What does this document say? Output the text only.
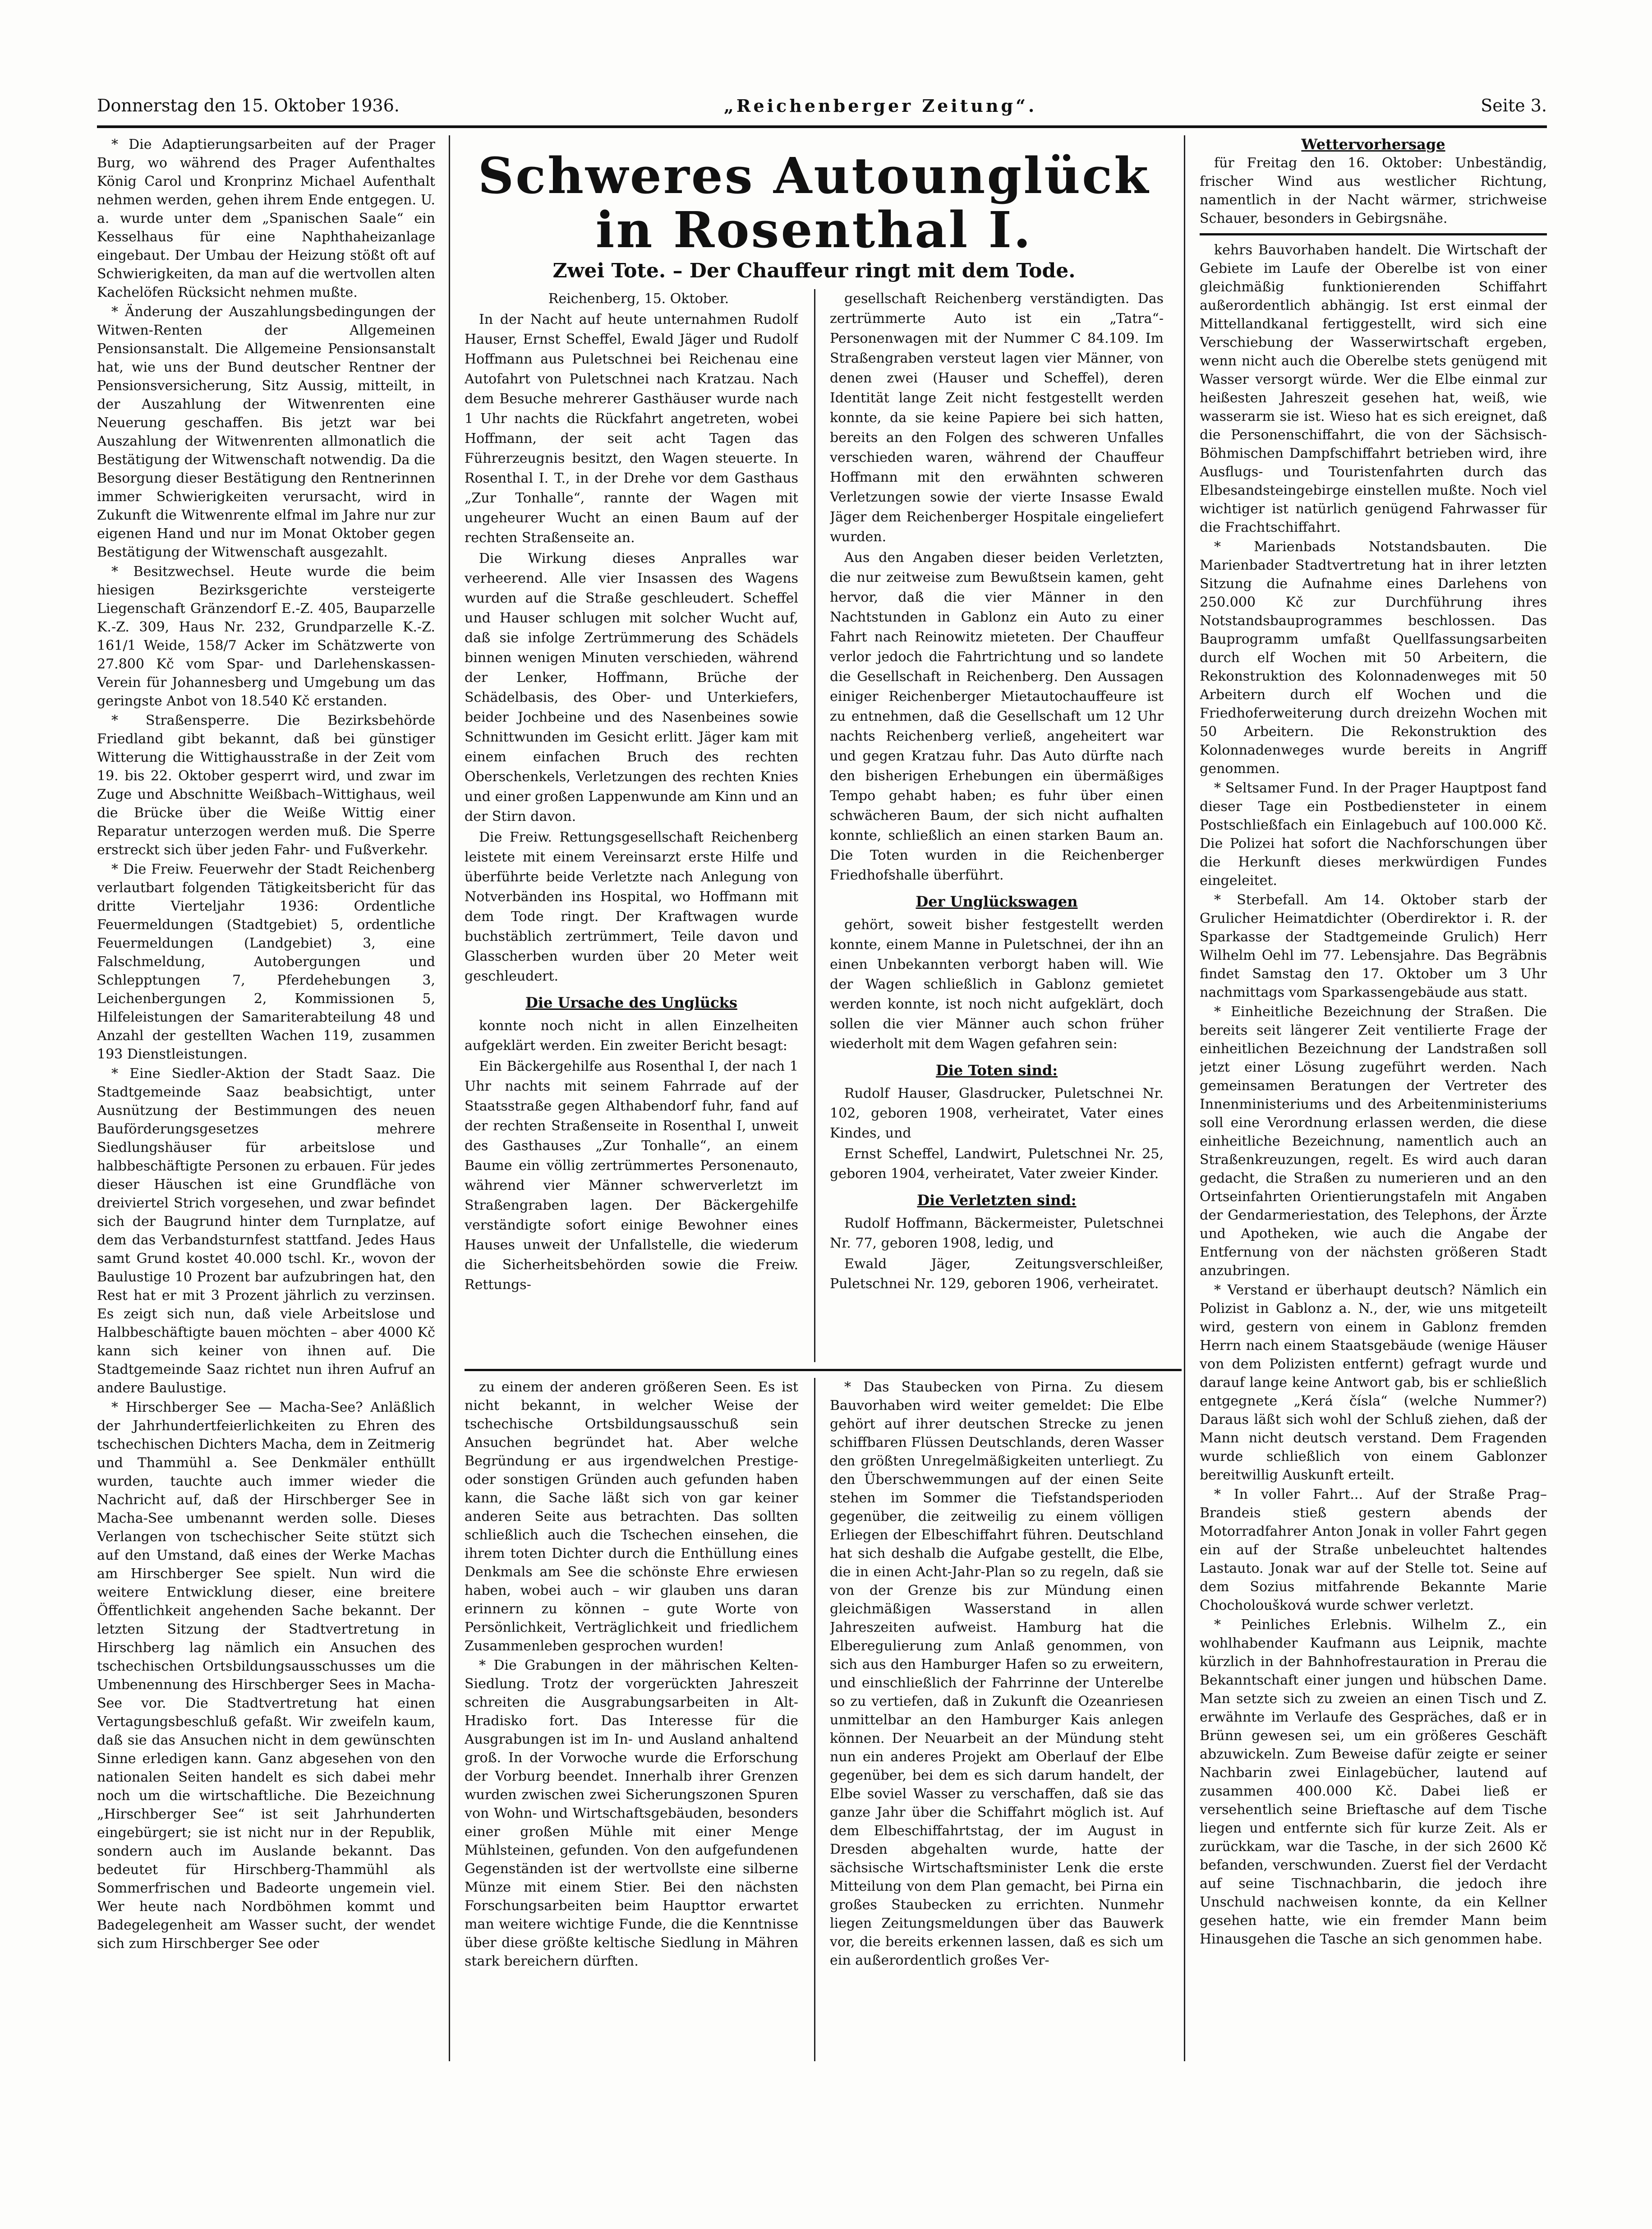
Donnerstag den 15. Oktober 1936.	„Reichenberger Zeitung“.	Seite 3.

* Die Adaptierungsarbeiten auf der Prager Burg, wo während des Prager Aufenthaltes König Carol und Kronprinz Michael Aufenthalt nehmen werden, gehen ihrem Ende entgegen. U. a. wurde unter dem „Spanischen Saale“ ein Kesselhaus für eine Naphthaheizanlage eingebaut. Der Umbau der Heizung stößt oft auf Schwierigkeiten, da man auf die wertvollen alten Kachelöfen Rücksicht nehmen mußte.

* Änderung der Auszahlungsbedingungen der Witwen-Renten der Allgemeinen Pensionsanstalt. Die Allgemeine Pensionsanstalt hat, wie uns der Bund deutscher Rentner der Pensionsversicherung, Sitz Aussig, mitteilt, in der Auszahlung der Witwenrenten eine Neuerung geschaffen. Bis jetzt war bei Auszahlung der Witwenrenten allmonatlich die Bestätigung der Witwenschaft notwendig. Da die Besorgung dieser Bestätigung den Rentnerinnen immer Schwierigkeiten verursacht, wird in Zukunft die Witwenrente elfmal im Jahre nur zur eigenen Hand und nur im Monat Oktober gegen Bestätigung der Witwenschaft ausgezahlt.

* Besitzwechsel. Heute wurde die beim hiesigen Bezirksgerichte versteigerte Liegenschaft Gränzendorf E.-Z. 405, Bauparzelle K.-Z. 309, Haus Nr. 232, Grundparzelle K.-Z. 161/1 Weide, 158/7 Acker im Schätzwerte von 27.800 Kč vom Spar- und Darlehenskassen-Verein für Johannesberg und Umgebung um das geringste Anbot von 18.540 Kč erstanden.

* Straßensperre. Die Bezirksbehörde Friedland gibt bekannt, daß bei günstiger Witterung die Wittighausstraße in der Zeit vom 19. bis 22. Oktober gesperrt wird, und zwar im Zuge und Abschnitte Weißbach–Wittighaus, weil die Brücke über die Weiße Wittig einer Reparatur unterzogen werden muß. Die Sperre erstreckt sich über jeden Fahr- und Fußverkehr.

* Die Freiw. Feuerwehr der Stadt Reichenberg verlautbart folgenden Tätigkeitsbericht für das dritte Vierteljahr 1936: Ordentliche Feuermeldungen (Stadtgebiet) 5, ordentliche Feuermeldungen (Landgebiet) 3, eine Falschmeldung, Autobergungen und Schlepptungen 7, Pferdehebungen 3, Leichenbergungen 2, Kommissionen 5, Hilfeleistungen der Samariterabteilung 48 und Anzahl der gestellten Wachen 119, zusammen 193 Dienstleistungen.

* Eine Siedler-Aktion der Stadt Saaz. Die Stadtgemeinde Saaz beabsichtigt, unter Ausnützung der Bestimmungen des neuen Bauförderungsgesetzes mehrere Siedlungshäuser für arbeitslose und halbbeschäftigte Personen zu erbauen. Für jedes dieser Häuschen ist eine Grundfläche von dreiviertel Strich vorgesehen, und zwar befindet sich der Baugrund hinter dem Turnplatze, auf dem das Verbandsturnfest stattfand. Jedes Haus samt Grund kostet 40.000 tschl. Kr., wovon der Baulustige 10 Prozent bar aufzubringen hat, den Rest hat er mit 3 Prozent jährlich zu verzinsen. Es zeigt sich nun, daß viele Arbeitslose und Halbbeschäftigte bauen möchten – aber 4000 Kč kann sich keiner von ihnen auf. Die Stadtgemeinde Saaz richtet nun ihren Aufruf an andere Baulustige.

* Hirschberger See — Macha-See? Anläßlich der Jahrhundertfeierlichkeiten zu Ehren des tschechischen Dichters Macha, dem in Zeitmerig und Thammühl a. See Denkmäler enthüllt wurden, tauchte auch immer wieder die Nachricht auf, daß der Hirschberger See in Macha-See umbenannt werden solle. Dieses Verlangen von tschechischer Seite stützt sich auf den Umstand, daß eines der Werke Machas am Hirschberger See spielt. Nun wird die weitere Entwicklung dieser, eine breitere Öffentlichkeit angehenden Sache bekannt. Der letzten Sitzung der Stadtvertretung in Hirschberg lag nämlich ein Ansuchen des tschechischen Ortsbildungsausschusses um die Umbenennung des Hirschberger Sees in Macha-See vor. Die Stadtvertretung hat einen Vertagungsbeschluß gefaßt. Wir zweifeln kaum, daß sie das Ansuchen nicht in dem gewünschten Sinne erledigen kann. Ganz abgesehen von den nationalen Seiten handelt es sich dabei mehr noch um die wirtschaftliche. Die Bezeichnung „Hirschberger See“ ist seit Jahrhunderten eingebürgert; sie ist nicht nur in der Republik, sondern auch im Auslande bekannt. Das bedeutet für Hirschberg-Thammühl als Sommerfrischen und Badeorte ungemein viel. Wer heute nach Nordböhmen kommt und Badegelegenheit am Wasser sucht, der wendet sich zum Hirschberger See oder

Schweres Autounglück in Rosenthal I.
Zwei Tote. – Der Chauffeur ringt mit dem Tode.

Reichenberg, 15. Oktober.

In der Nacht auf heute unternahmen Rudolf Hauser, Ernst Scheffel, Ewald Jäger und Rudolf Hoffmann aus Puletschnei bei Reichenau eine Autofahrt von Puletschnei nach Kratzau. Nach dem Besuche mehrerer Gasthäuser wurde nach 1 Uhr nachts die Rückfahrt angetreten, wobei Hoffmann, der seit acht Tagen das Führerzeugnis besitzt, den Wagen steuerte. In Rosenthal I. T., in der Drehe vor dem Gasthaus „Zur Tonhalle“, rannte der Wagen mit ungeheurer Wucht an einen Baum auf der rechten Straßenseite an.

Die Wirkung dieses Anpralles war verheerend. Alle vier Insassen des Wagens wurden auf die Straße geschleudert. Scheffel und Hauser schlugen mit solcher Wucht auf, daß sie infolge Zertrümmerung des Schädels binnen wenigen Minuten verschieden, während der Lenker, Hoffmann, Brüche der Schädelbasis, des Ober- und Unterkiefers, beider Jochbeine und des Nasenbeines sowie Schnittwunden im Gesicht erlitt. Jäger kam mit einem einfachen Bruch des rechten Oberschenkels, Verletzungen des rechten Knies und einer großen Lappenwunde am Kinn und an der Stirn davon.

Die Freiw. Rettungsgesellschaft Reichenberg leistete mit einem Vereinsarzt erste Hilfe und überführte beide Verletzte nach Anlegung von Notverbänden ins Hospital, wo Hoffmann mit dem Tode ringt. Der Kraftwagen wurde buchstäblich zertrümmert, Teile davon und Glasscherben wurden über 20 Meter weit geschleudert.

Die Ursache des Unglücks

konnte noch nicht in allen Einzelheiten aufgeklärt werden. Ein zweiter Bericht besagt:

Ein Bäckergehilfe aus Rosenthal I, der nach 1 Uhr nachts mit seinem Fahrrade auf der Staatsstraße gegen Althabendorf fuhr, fand auf der rechten Straßenseite in Rosenthal I, unweit des Gasthauses „Zur Tonhalle“, an einem Baume ein völlig zertrümmertes Personenauto, während vier Männer schwerverletzt im Straßengraben lagen. Der Bäckergehilfe verständigte sofort einige Bewohner eines Hauses unweit der Unfallstelle, die wiederum die Sicherheitsbehörden sowie die Freiw. Rettungs-

gesellschaft Reichenberg verständigten. Das zertrümmerte Auto ist ein „Tatra“-Personenwagen mit der Nummer C 84.109. Im Straßengraben versteut lagen vier Männer, von denen zwei (Hauser und Scheffel), deren Identität lange Zeit nicht festgestellt werden konnte, da sie keine Papiere bei sich hatten, bereits an den Folgen des schweren Unfalles verschieden waren, während der Chauffeur Hoffmann mit den erwähnten schweren Verletzungen sowie der vierte Insasse Ewald Jäger dem Reichenberger Hospitale eingeliefert wurden.

Aus den Angaben dieser beiden Verletzten, die nur zeitweise zum Bewußtsein kamen, geht hervor, daß die vier Männer in den Nachtstunden in Gablonz ein Auto zu einer Fahrt nach Reinowitz mieteten. Der Chauffeur verlor jedoch die Fahrtrichtung und so landete die Gesellschaft in Reichenberg. Den Aussagen einiger Reichenberger Mietautochauffeure ist zu entnehmen, daß die Gesellschaft um 12 Uhr nachts Reichenberg verließ, angeheitert war und gegen Kratzau fuhr. Das Auto dürfte nach den bisherigen Erhebungen ein übermäßiges Tempo gehabt haben; es fuhr über einen schwächeren Baum, der sich nicht aufhalten konnte, schließlich an einen starken Baum an. Die Toten wurden in die Reichenberger Friedhofshalle überführt.

Der Unglückswagen

gehört, soweit bisher festgestellt werden konnte, einem Manne in Puletschnei, der ihn an einen Unbekannten verborgt haben will. Wie der Wagen schließlich in Gablonz gemietet werden konnte, ist noch nicht aufgeklärt, doch sollen die vier Männer auch schon früher wiederholt mit dem Wagen gefahren sein:

Die Toten sind:

Rudolf Hauser, Glasdrucker, Puletschnei Nr. 102, geboren 1908, verheiratet, Vater eines Kindes, und

Ernst Scheffel, Landwirt, Puletschnei Nr. 25, geboren 1904, verheiratet, Vater zweier Kinder.

Die Verletzten sind:

Rudolf Hoffmann, Bäckermeister, Puletschnei Nr. 77, geboren 1908, ledig, und

Ewald Jäger, Zeitungsverschleißer, Puletschnei Nr. 129, geboren 1906, verheiratet.

zu einem der anderen größeren Seen. Es ist nicht bekannt, in welcher Weise der tschechische Ortsbildungsausschuß sein Ansuchen begründet hat. Aber welche Begründung er aus irgendwelchen Prestige- oder sonstigen Gründen auch gefunden haben kann, die Sache läßt sich von gar keiner anderen Seite aus betrachten. Das sollten schließlich auch die Tschechen einsehen, die ihrem toten Dichter durch die Enthüllung eines Denkmals am See die schönste Ehre erwiesen haben, wobei auch – wir glauben uns daran erinnern zu können – gute Worte von Persönlichkeit, Verträglichkeit und friedlichem Zusammenleben gesprochen wurden!

* Die Grabungen in der mährischen Kelten-Siedlung. Trotz der vorgerückten Jahreszeit schreiten die Ausgrabungsarbeiten in Alt-Hradisko fort. Das Interesse für die Ausgrabungen ist im In- und Ausland anhaltend groß. In der Vorwoche wurde die Erforschung der Vorburg beendet. Innerhalb ihrer Grenzen wurden zwischen zwei Sicherungszonen Spuren von Wohn- und Wirtschaftsgebäuden, besonders einer großen Mühle mit einer Menge Mühlsteinen, gefunden. Von den aufgefundenen Gegenständen ist der wertvollste eine silberne Münze mit einem Stier. Bei den nächsten Forschungsarbeiten beim Haupttor erwartet man weitere wichtige Funde, die die Kenntnisse über diese größte keltische Siedlung in Mähren stark bereichern dürften.

* Das Staubecken von Pirna. Zu diesem Bauvorhaben wird weiter gemeldet: Die Elbe gehört auf ihrer deutschen Strecke zu jenen schiffbaren Flüssen Deutschlands, deren Wasser den größten Unregelmäßigkeiten unterliegt. Zu den Überschwemmungen auf der einen Seite stehen im Sommer die Tiefstandsperioden gegenüber, die zeitweilig zu einem völligen Erliegen der Elbeschiffahrt führen. Deutschland hat sich deshalb die Aufgabe gestellt, die Elbe, die in einen Acht-Jahr-Plan so zu regeln, daß sie von der Grenze bis zur Mündung einen gleichmäßigen Wasserstand in allen Jahreszeiten aufweist. Hamburg hat die Elberegulierung zum Anlaß genommen, von sich aus den Hamburger Hafen so zu erweitern, und einschließlich der Fahrrinne der Unterelbe so zu vertiefen, daß in Zukunft die Ozeanriesen unmittelbar an den Hamburger Kais anlegen können. Der Neuarbeit an der Mündung steht nun ein anderes Projekt am Oberlauf der Elbe gegenüber, bei dem es sich darum handelt, der Elbe soviel Wasser zu verschaffen, daß sie das ganze Jahr über die Schiffahrt möglich ist. Auf dem Elbeschiffahrtstag, der im August in Dresden abgehalten wurde, hatte der sächsische Wirtschaftsminister Lenk die erste Mitteilung von dem Plan gemacht, bei Pirna ein großes Staubecken zu errichten. Nunmehr liegen Zeitungsmeldungen über das Bauwerk vor, die bereits erkennen lassen, daß es sich um ein außerordentlich großes Ver-

Wettervorhersage

für Freitag den 16. Oktober: Unbeständig, frischer Wind aus westlicher Richtung, namentlich in der Nacht wärmer, strichweise Schauer, besonders in Gebirgsnähe.

kehrs Bauvorhaben handelt. Die Wirtschaft der Gebiete im Laufe der Oberelbe ist von einer gleichmäßig funktionierenden Schiffahrt außerordentlich abhängig. Ist erst einmal der Mittellandkanal fertiggestellt, wird sich eine Verschiebung der Wasserwirtschaft ergeben, wenn nicht auch die Oberelbe stets genügend mit Wasser versorgt würde. Wer die Elbe einmal zur heißesten Jahreszeit gesehen hat, weiß, wie wasserarm sie ist. Wieso hat es sich ereignet, daß die Personenschiffahrt, die von der Sächsisch-Böhmischen Dampfschiffahrt betrieben wird, ihre Ausflugs- und Touristenfahrten durch das Elbesandsteingebirge einstellen mußte. Noch viel wichtiger ist natürlich genügend Fahrwasser für die Frachtschiffahrt.

* Marienbads Notstandsbauten. Die Marienbader Stadtvertretung hat in ihrer letzten Sitzung die Aufnahme eines Darlehens von 250.000 Kč zur Durchführung ihres Notstandsbauprogrammes beschlossen. Das Bauprogramm umfaßt Quellfassungsarbeiten durch elf Wochen mit 50 Arbeitern, die Rekonstruktion des Kolonnadenweges mit 50 Arbeitern durch elf Wochen und die Friedhoferweiterung durch dreizehn Wochen mit 50 Arbeitern. Die Rekonstruktion des Kolonnadenweges wurde bereits in Angriff genommen.

* Seltsamer Fund. In der Prager Hauptpost fand dieser Tage ein Postbediensteter in einem Postschließfach ein Einlagebuch auf 100.000 Kč. Die Polizei hat sofort die Nachforschungen über die Herkunft dieses merkwürdigen Fundes eingeleitet.

* Sterbefall. Am 14. Oktober starb der Grulicher Heimatdichter (Oberdirektor i. R. der Sparkasse der Stadtgemeinde Grulich) Herr Wilhelm Oehl im 77. Lebensjahre. Das Begräbnis findet Samstag den 17. Oktober um 3 Uhr nachmittags vom Sparkassengebäude aus statt.

* Einheitliche Bezeichnung der Straßen. Die bereits seit längerer Zeit ventilierte Frage der einheitlichen Bezeichnung der Landstraßen soll jetzt einer Lösung zugeführt werden. Nach gemeinsamen Beratungen der Vertreter des Innenministeriums und des Arbeitenministeriums soll eine Verordnung erlassen werden, die diese einheitliche Bezeichnung, namentlich auch an Straßenkreuzungen, regelt. Es wird auch daran gedacht, die Straßen zu numerieren und an den Ortseinfahrten Orientierungstafeln mit Angaben der Gendarmeriestation, des Telephons, der Ärzte und Apotheken, wie auch die Angabe der Entfernung von der nächsten größeren Stadt anzubringen.

* Verstand er überhaupt deutsch? Nämlich ein Polizist in Gablonz a. N., der, wie uns mitgeteilt wird, gestern von einem in Gablonz fremden Herrn nach einem Staatsgebäude (wenige Häuser von dem Polizisten entfernt) gefragt wurde und darauf lange keine Antwort gab, bis er schließlich entgegnete „Kerá čísla“ (welche Nummer?) Daraus läßt sich wohl der Schluß ziehen, daß der Mann nicht deutsch verstand. Dem Fragenden wurde schließlich von einem Gablonzer bereitwillig Auskunft erteilt.

* In voller Fahrt... Auf der Straße Prag–Brandeis stieß gestern abends der Motorradfahrer Anton Jonak in voller Fahrt gegen ein auf der Straße unbeleuchtet haltendes Lastauto. Jonak war auf der Stelle tot. Seine auf dem Sozius mitfahrende Bekannte Marie Chocholoušková wurde schwer verletzt.

* Peinliches Erlebnis. Wilhelm Z., ein wohlhabender Kaufmann aus Leipnik, machte kürzlich in der Bahnhofrestauration in Prerau die Bekanntschaft einer jungen und hübschen Dame. Man setzte sich zu zweien an einen Tisch und Z. erwähnte im Verlaufe des Gespräches, daß er in Brünn gewesen sei, um ein größeres Geschäft abzuwickeln. Zum Beweise dafür zeigte er seiner Nachbarin zwei Einlagebücher, lautend auf zusammen 400.000 Kč. Dabei ließ er versehentlich seine Brieftasche auf dem Tische liegen und entfernte sich für kurze Zeit. Als er zurückkam, war die Tasche, in der sich 2600 Kč befanden, verschwunden. Zuerst fiel der Verdacht auf seine Tischnachbarin, die jedoch ihre Unschuld nachweisen konnte, da ein Kellner gesehen hatte, wie ein fremder Mann beim Hinausgehen die Tasche an sich genommen habe.
